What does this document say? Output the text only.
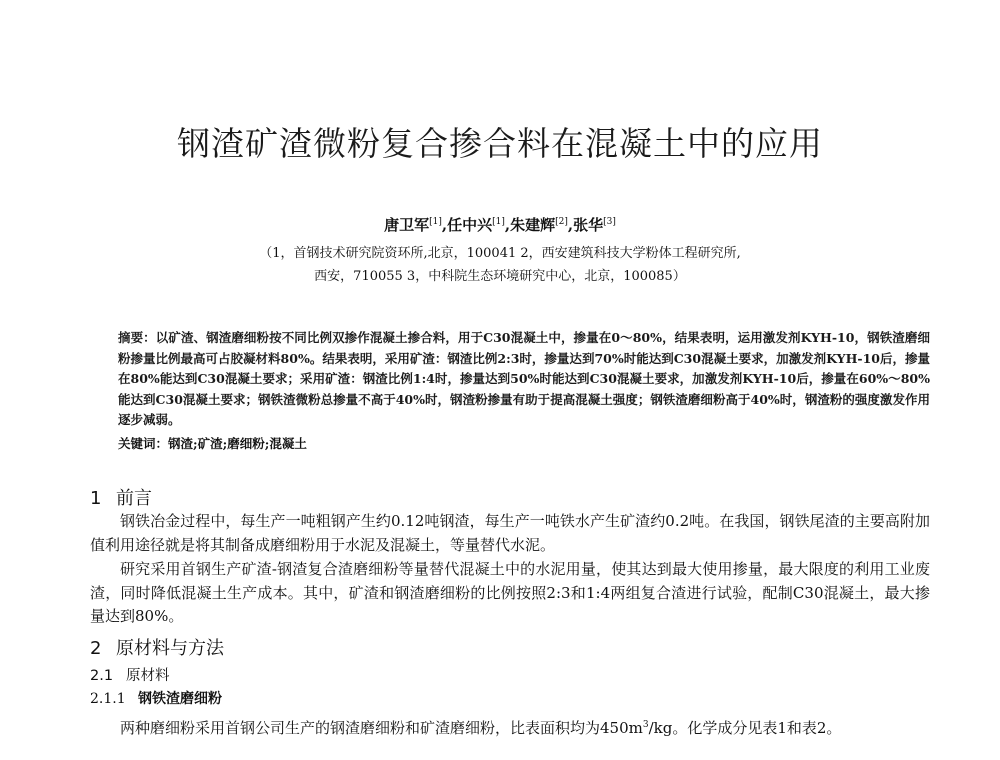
钢渣矿渣微粉复合掺合料在混凝土中的应用
唐卫军[1],任中兴[1],朱建辉[2],张华[3]
（1，首钢技术研究院资环所,北京，100041 2，西安建筑科技大学粉体工程研究所,
西安，710055 3，中科院生态环境研究中心，北京，100085）
摘要：以矿渣、钢渣磨细粉按不同比例双掺作混凝土掺合料，用于C30混凝土中，掺量在0～80%，结果表明，运用激发剂KYH-10，钢铁渣磨细粉掺量比例最高可占胶凝材料80%。结果表明，采用矿渣：钢渣比例2:3时，掺量达到70%时能达到C30混凝土要求，加激发剂KYH-10后，掺量在80%能达到C30混凝土要求；采用矿渣：钢渣比例1:4时，掺量达到50%时能达到C30混凝土要求，加激发剂KYH-10后，掺量在60%～80%能达到C30混凝土要求；钢铁渣微粉总掺量不高于40%时，钢渣粉掺量有助于提高混凝土强度；钢铁渣磨细粉高于40%时，钢渣粉的强度激发作用逐步减弱。
关键词：钢渣;矿渣;磨细粉;混凝土
1 前言

钢铁冶金过程中，每生产一吨粗钢产生约0.12吨钢渣，每生产一吨铁水产生矿渣约0.2吨。在我国，钢铁尾渣的主要高附加值利用途径就是将其制备成磨细粉用于水泥及混凝土，等量替代水泥。

研究采用首钢生产矿渣-钢渣复合渣磨细粉等量替代混凝土中的水泥用量，使其达到最大使用掺量，最大限度的利用工业废渣，同时降低混凝土生产成本。其中，矿渣和钢渣磨细粉的比例按照2:3和1:4两组复合渣进行试验，配制C30混凝土，最大掺量达到80%。

2 原材料与方法
2.1 原材料
2.1.1 钢铁渣磨细粉

两种磨细粉采用首钢公司生产的钢渣磨细粉和矿渣磨细粉，比表面积均为$450m^3/kg$。化学成分见表1和表2。
